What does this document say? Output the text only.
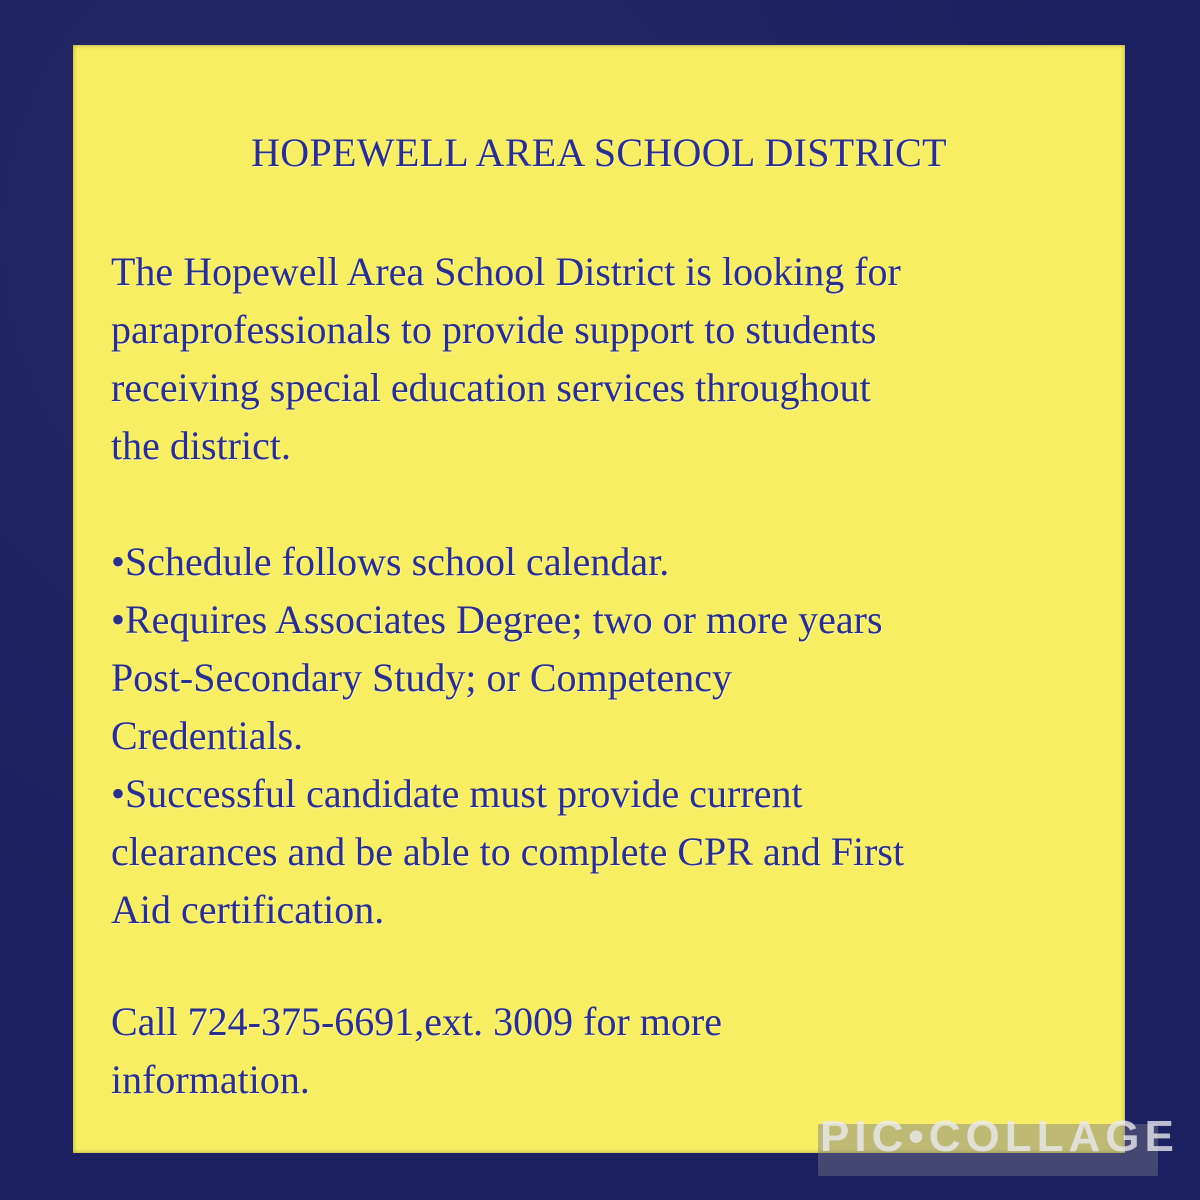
HOPEWELL AREA SCHOOL DISTRICT
The Hopewell Area School District is looking for
paraprofessionals to provide support to students
receiving special education services throughout
the district.
•Schedule follows school calendar.
•Requires Associates Degree; two or more years
Post-Secondary Study; or Competency
Credentials.
•Successful candidate must provide current
clearances and be able to complete CPR and First
Aid certification.
Call 724-375-6691,ext. 3009 for more
information.
PIC•COLLAGE
